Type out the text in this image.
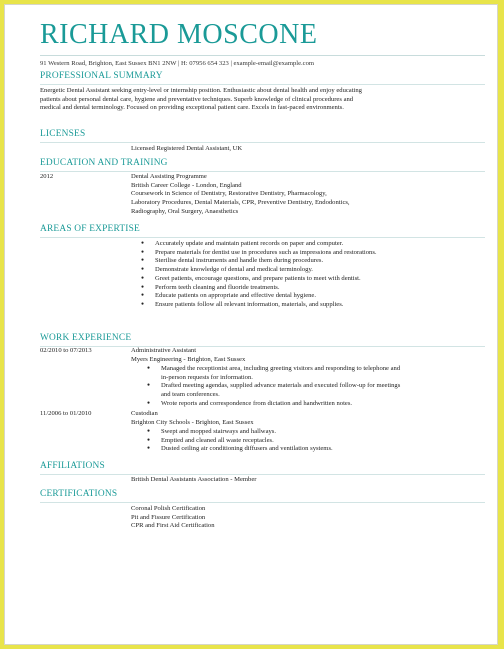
RICHARD MOSCONE
91 Western Road, Brighton, East Sussex BN1 2NW | H: 07956 654 323 | example-email@example.com
PROFESSIONAL SUMMARY
Energetic Dental Assistant seeking entry-level or internship position. Enthusiastic about dental health and enjoy educating patients about personal dental care, hygiene and preventative techniques. Superb knowledge of clinical procedures and medical and dental terminology. Focused on providing exceptional patient care. Excels in fast-paced environments.
LICENSES
Licensed Registered Dental Assistant, UK
EDUCATION AND TRAINING
2012	Dental Assisting Programme
British Career College - London, England
Coursework in Science of Dentistry, Restorative Dentistry, Pharmacology,
Laboratory Procedures, Dental Materials, CPR, Preventive Dentistry, Endodontics,
Radiography, Oral Surgery, Anaesthetics
AREAS OF EXPERTISE
● Accurately update and maintain patient records on paper and computer.
● Prepare materials for dentist use in procedures such as impressions and restorations.
● Sterilise dental instruments and handle them during procedures.
● Demonstrate knowledge of dental and medical terminology.
● Greet patients, encourage questions, and prepare patients to meet with dentist.
● Perform teeth cleaning and fluoride treatments.
● Educate patients on appropriate and effective dental hygiene.
● Ensure patients follow all relevant information, materials, and supplies.
WORK EXPERIENCE
02/2010 to 07/2013	Administrative Assistant
Myers Engineering - Brighton, East Sussex
● Managed the receptionist area, including greeting visitors and responding to telephone and in-person requests for information.
● Drafted meeting agendas, supplied advance materials and executed follow-up for meetings and team conferences.
● Wrote reports and correspondence from dictation and handwritten notes.
11/2006 to 01/2010	Custodian
Brighton City Schools - Brighton, East Sussex
● Swept and mopped stairways and hallways.
● Emptied and cleaned all waste receptacles.
● Dusted ceiling air conditioning diffusers and ventilation systems.
AFFILIATIONS
British Dental Assistants Association - Member
CERTIFICATIONS
Coronal Polish Certification
Pit and Fissure Certification
CPR and First Aid Certification
